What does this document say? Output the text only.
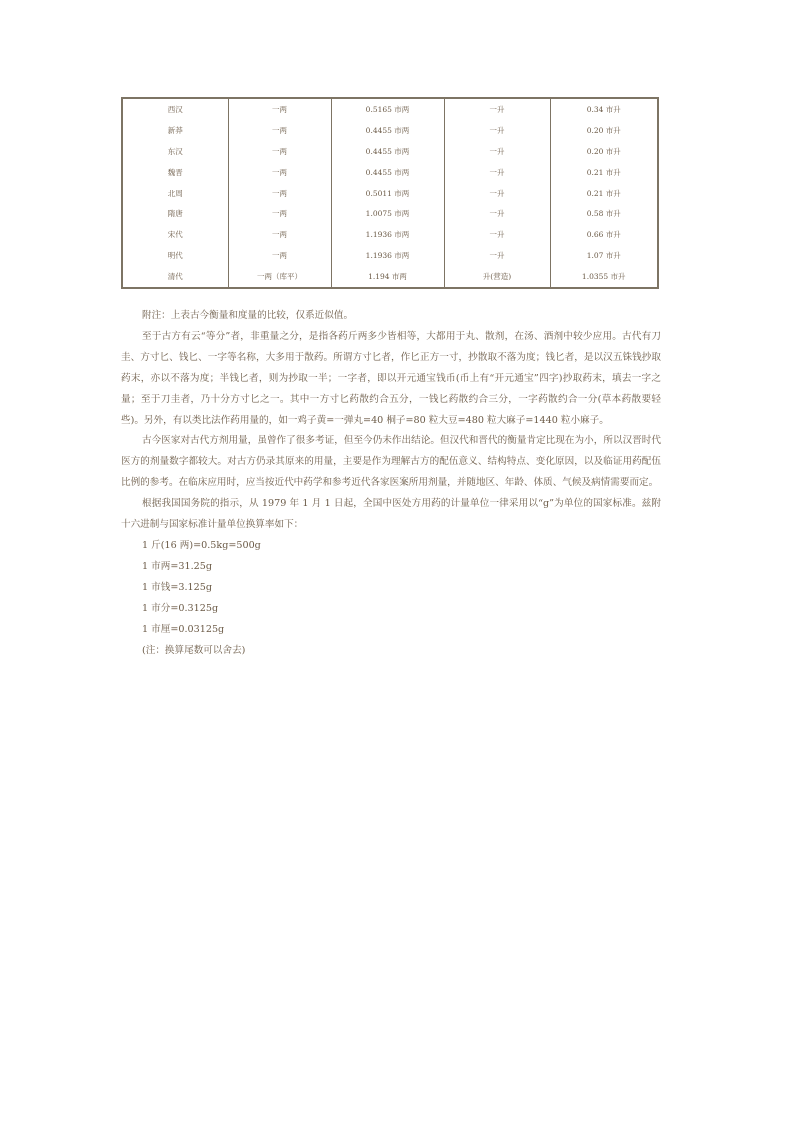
西汉	一两	0.5165 市两	一升	0.34 市升
新莽	一两	0.4455 市两	一升	0.20 市升
东汉	一两	0.4455 市两	一升	0.20 市升
魏晋	一两	0.4455 市两	一升	0.21 市升
北周	一两	0.5011 市两	一升	0.21 市升
隋唐	一两	1.0075 市两	一升	0.58 市升
宋代	一两	1.1936 市两	一升	0.66 市升
明代	一两	1.1936 市两	一升	1.07 市升
清代	一两（库平）	1.194 市两	升(营造)	1.0355 市升

附注：上表古今衡量和度量的比较，仅系近似值。

至于古方有云“等分”者，非重量之分，是指各药斤两多少皆相等，大都用于丸、散剂，在汤、酒剂中较少应用。古代有刀圭、方寸匕、钱匕、一字等名称，大多用于散药。所谓方寸匕者，作匕正方一寸，抄散取不落为度；钱匕者，是以汉五铢钱抄取药末，亦以不落为度；半钱匕者，则为抄取一半；一字者，即以开元通宝钱币(币上有“开元通宝”四字)抄取药末，填去一字之量；至于刀圭者，乃十分方寸匕之一。其中一方寸匕药散约合五分，一钱匕药散约合三分，一字药散约合一分(草本药散要轻些)。另外，有以类比法作药用量的，如一鸡子黄=一弹丸=40 桐子=80 粒大豆=480 粒大麻子=1440 粒小麻子。

古今医家对古代方剂用量，虽曾作了很多考证，但至今仍未作出结论。但汉代和晋代的衡量肯定比现在为小，所以汉晋时代医方的剂量数字都较大。对古方仍录其原来的用量，主要是作为理解古方的配伍意义、结构特点、变化原因，以及临证用药配伍比例的参考。在临床应用时，应当按近代中药学和参考近代各家医案所用剂量，并随地区、年龄、体质、气候及病情需要而定。

根据我国国务院的指示，从 1979 年 1 月 1 日起，全国中医处方用药的计量单位一律采用以“g”为单位的国家标准。兹附十六进制与国家标准计量单位换算率如下：

1 斤(16 两)=0.5kg=500g

1 市两=31.25g

1 市钱=3.125g

1 市分=0.3125g

1 市厘=0.03125g

(注：换算尾数可以舍去)
